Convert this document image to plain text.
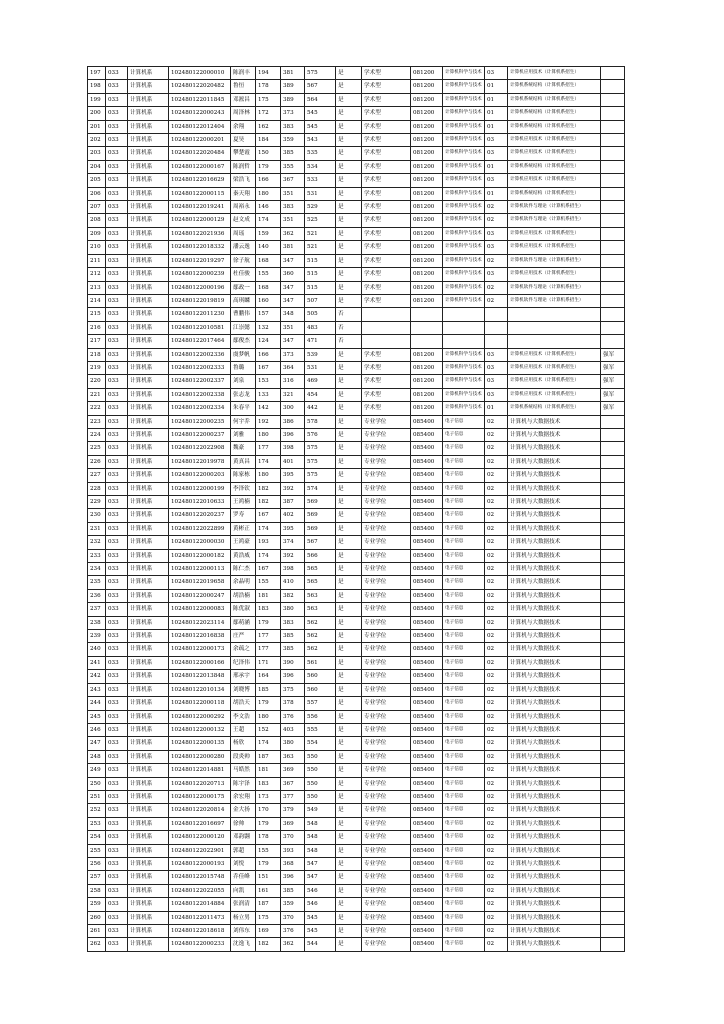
197	033	计算机系	102480122000010	陈润丰	194	381	575	是	学术型	081200	计算机科学与技术	03	计算机应用技术（计算机系招生）	
198	033	计算机系	102480122020482	鲁恒	178	389	567	是	学术型	081200	计算机科学与技术	01	计算机系统结构（计算机系招生）	
199	033	计算机系	102480122011845	邓淞昌	175	389	564	是	学术型	081200	计算机科学与技术	01	计算机系统结构（计算机系招生）	
200	033	计算机系	102480122000243	周泽林	172	373	545	是	学术型	081200	计算机科学与技术	01	计算机系统结构（计算机系招生）	
201	033	计算机系	102480122012404	余翔	162	383	545	是	学术型	081200	计算机科学与技术	01	计算机系统结构（计算机系招生）	
202	033	计算机系	102480122000201	夏昊	184	359	543	是	学术型	081200	计算机科学与技术	03	计算机应用技术（计算机系招生）	
203	033	计算机系	102480122020484	攀楚霞	150	385	535	是	学术型	081200	计算机科学与技术	03	计算机应用技术（计算机系招生）	
204	033	计算机系	102480122000167	陈润哲	179	355	534	是	学术型	081200	计算机科学与技术	01	计算机系统结构（计算机系招生）	
205	033	计算机系	102480122016629	梁浩飞	166	367	533	是	学术型	081200	计算机科学与技术	03	计算机应用技术（计算机系招生）	
206	033	计算机系	102480122000115	秦天翔	180	351	531	是	学术型	081200	计算机科学与技术	01	计算机系统结构（计算机系招生）	
207	033	计算机系	102480122019241	周裕永	146	383	529	是	学术型	081200	计算机科学与技术	02	计算机软件与理论（计算机系招生）	
208	033	计算机系	102480122000129	赵文成	174	351	525	是	学术型	081200	计算机科学与技术	02	计算机软件与理论（计算机系招生）	
209	033	计算机系	102480122021936	周瑶	159	362	521	是	学术型	081200	计算机科学与技术	03	计算机应用技术（计算机系招生）	
210	033	计算机系	102480122018332	潘云逸	140	381	521	是	学术型	081200	计算机科学与技术	03	计算机应用技术（计算机系招生）	
211	033	计算机系	102480122019297	徐子航	168	347	515	是	学术型	081200	计算机科学与技术	02	计算机软件与理论（计算机系招生）	
212	033	计算机系	102480122000239	杜佳骏	155	360	515	是	学术型	081200	计算机科学与技术	03	计算机应用技术（计算机系招生）	
213	033	计算机系	102480122000196	鄢政一	168	347	515	是	学术型	081200	计算机科学与技术	02	计算机软件与理论（计算机系招生）	
214	033	计算机系	102480122019819	高琪麟	160	347	507	是	学术型	081200	计算机科学与技术	02	计算机软件与理论（计算机系招生）	
215	033	计算机系	102480122011230	曹鹏伟	157	348	505	否						
216	033	计算机系	102480122010581	江崇懿	132	351	483	否						
217	033	计算机系	102480122017464	鄢俊杰	124	347	471	否						
218	033	计算机系	102480122002336	虞梦帆	166	373	539	是	学术型	081200	计算机科学与技术	03	计算机应用技术（计算机系招生）	强军
219	033	计算机系	102480122002333	鲁璐	167	364	531	是	学术型	081200	计算机科学与技术	03	计算机应用技术（计算机系招生）	强军
220	033	计算机系	102480122002337	刘泉	153	316	469	是	学术型	081200	计算机科学与技术	03	计算机应用技术（计算机系招生）	强军
221	033	计算机系	102480122002338	张志龙	133	321	454	是	学术型	081200	计算机科学与技术	03	计算机应用技术（计算机系招生）	强军
222	033	计算机系	102480122002334	朱春平	142	300	442	是	学术型	081200	计算机科学与技术	01	计算机系统结构（计算机系招生）	强军
223	033	计算机系	102480122000235	何宇乔	192	386	578	是	专业学位	085400	电子信息	02	计算机与大数据技术	
224	033	计算机系	102480122000237	刘雅	180	396	576	是	专业学位	085400	电子信息	02	计算机与大数据技术	
225	033	计算机系	102480122022908	魏豪	177	398	575	是	专业学位	085400	电子信息	02	计算机与大数据技术	
226	033	计算机系	102480122019978	黄真昌	174	401	575	是	专业学位	085400	电子信息	02	计算机与大数据技术	
227	033	计算机系	102480122000203	陈家栋	180	395	575	是	专业学位	085400	电子信息	02	计算机与大数据技术	
228	033	计算机系	102480122000199	李泽钦	182	392	574	是	专业学位	085400	电子信息	02	计算机与大数据技术	
229	033	计算机系	102480122010633	王鸿楠	182	387	569	是	专业学位	085400	电子信息	02	计算机与大数据技术	
230	033	计算机系	102480122020237	罗寿	167	402	569	是	专业学位	085400	电子信息	02	计算机与大数据技术	
231	033	计算机系	102480122022899	黄彬正	174	395	569	是	专业学位	085400	电子信息	02	计算机与大数据技术	
232	033	计算机系	102480122000030	王鸿豪	193	374	567	是	专业学位	085400	电子信息	02	计算机与大数据技术	
233	033	计算机系	102480122000182	黄浩威	174	392	566	是	专业学位	085400	电子信息	02	计算机与大数据技术	
234	033	计算机系	102480122000113	陈仁杰	167	398	565	是	专业学位	085400	电子信息	02	计算机与大数据技术	
235	033	计算机系	102480122019658	余晶明	155	410	565	是	专业学位	085400	电子信息	02	计算机与大数据技术	
236	033	计算机系	102480122000247	胡浩楠	181	382	563	是	专业学位	085400	电子信息	02	计算机与大数据技术	
237	033	计算机系	102480122000083	陈优淑	183	380	563	是	专业学位	085400	电子信息	02	计算机与大数据技术	
238	033	计算机系	102480122023114	鄢萌涵	179	383	562	是	专业学位	085400	电子信息	02	计算机与大数据技术	
239	033	计算机系	102480122016838	庄严	177	385	562	是	专业学位	085400	电子信息	02	计算机与大数据技术	
240	033	计算机系	102480122000173	余疏之	177	385	562	是	专业学位	085400	电子信息	02	计算机与大数据技术	
241	033	计算机系	102480122000166	纪泽伟	171	390	561	是	专业学位	085400	电子信息	02	计算机与大数据技术	
242	033	计算机系	102480122013848	邢承宇	164	396	560	是	专业学位	085400	电子信息	02	计算机与大数据技术	
243	033	计算机系	102480122010134	刘晓博	185	375	560	是	专业学位	085400	电子信息	02	计算机与大数据技术	
244	033	计算机系	102480122000118	胡浩天	179	378	557	是	专业学位	085400	电子信息	02	计算机与大数据技术	
245	033	计算机系	102480122000292	李文浩	180	376	556	是	专业学位	085400	电子信息	02	计算机与大数据技术	
246	033	计算机系	102480122000132	王超	152	403	555	是	专业学位	085400	电子信息	02	计算机与大数据技术	
247	033	计算机系	102480122000135	杨欣	174	380	554	是	专业学位	085400	电子信息	02	计算机与大数据技术	
248	033	计算机系	102480122000280	段炎帅	187	363	550	是	专业学位	085400	电子信息	02	计算机与大数据技术	
249	033	计算机系	102480122014881	马皓然	181	369	550	是	专业学位	085400	电子信息	02	计算机与大数据技术	
250	033	计算机系	102480122020713	陈宇泽	183	367	550	是	专业学位	085400	电子信息	02	计算机与大数据技术	
251	033	计算机系	102480122000175	余宏翔	173	377	550	是	专业学位	085400	电子信息	02	计算机与大数据技术	
252	033	计算机系	102480122020814	金大扬	170	379	549	是	专业学位	085400	电子信息	02	计算机与大数据技术	
253	033	计算机系	102480122016697	徐帅	179	369	548	是	专业学位	085400	电子信息	02	计算机与大数据技术	
254	033	计算机系	102480122000120	邓韵翾	178	370	548	是	专业学位	085400	电子信息	02	计算机与大数据技术	
255	033	计算机系	102480122022901	郭超	155	393	548	是	专业学位	085400	电子信息	02	计算机与大数据技术	
256	033	计算机系	102480122000193	刘悦	179	368	547	是	专业学位	085400	电子信息	02	计算机与大数据技术	
257	033	计算机系	102480122015748	乔佳峰	151	396	547	是	专业学位	085400	电子信息	02	计算机与大数据技术	
258	033	计算机系	102480122022055	向凯	161	385	546	是	专业学位	085400	电子信息	02	计算机与大数据技术	
259	033	计算机系	102480122014884	张润清	187	359	546	是	专业学位	085400	电子信息	02	计算机与大数据技术	
260	033	计算机系	102480122011473	杨立男	175	370	545	是	专业学位	085400	电子信息	02	计算机与大数据技术	
261	033	计算机系	102480122018618	刘伟东	169	376	545	是	专业学位	085400	电子信息	02	计算机与大数据技术	
262	033	计算机系	102480122000233	沈逸飞	182	362	544	是	专业学位	085400	电子信息	02	计算机与大数据技术	
